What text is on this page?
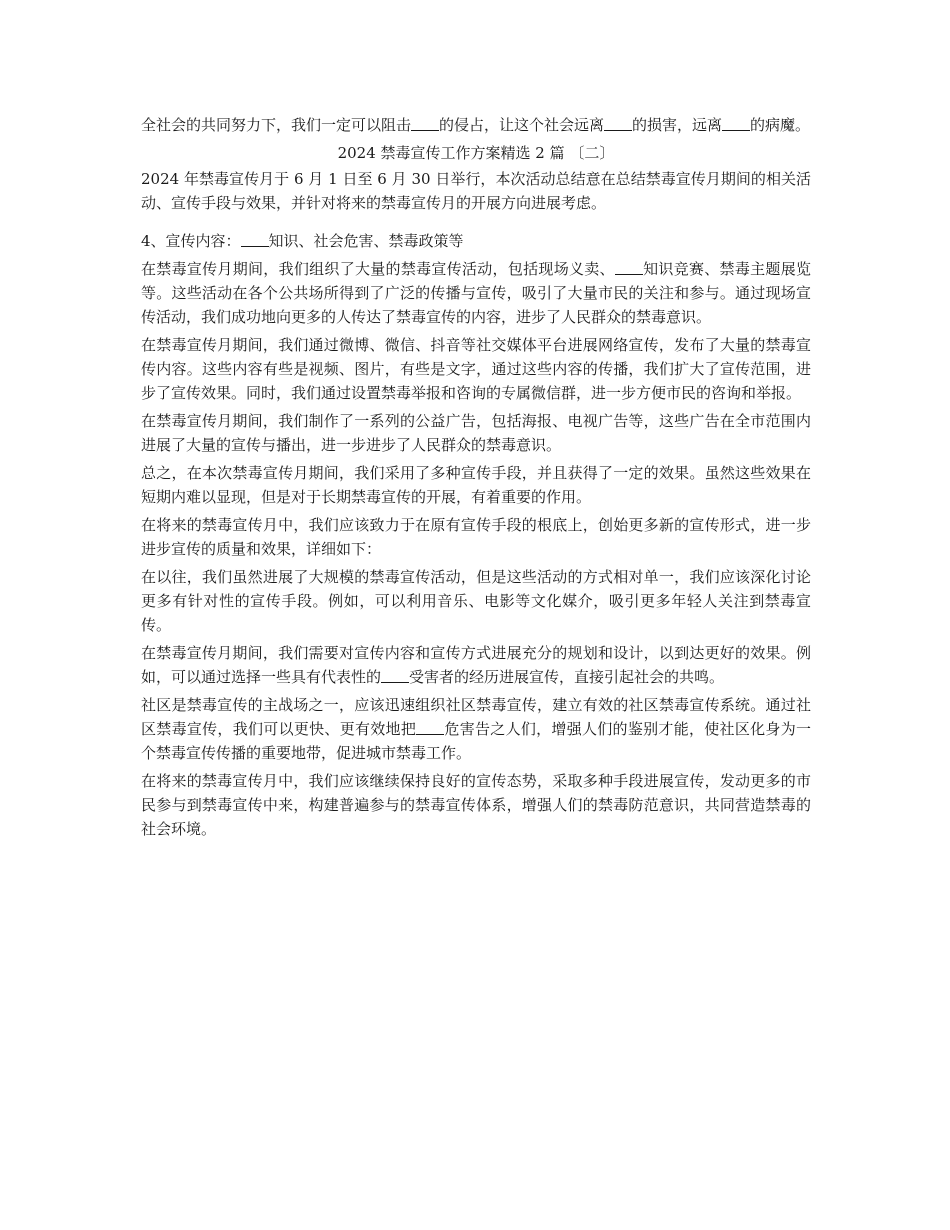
全社会的共同努力下，我们一定可以阻击 的侵占，让这个社会远离 的损害，远离 的病魔。

2024 禁毒宣传工作方案精选 2 篇 〔二〕

2024 年禁毒宣传月于 6 月 1 日至 6 月 30 日举行，本次活动总结意在总结禁毒宣传月期间的相关活动、宣传手段与效果，并针对将来的禁毒宣传月的开展方向进展考虑。

4、宣传内容： 知识、社会危害、禁毒政策等

在禁毒宣传月期间，我们组织了大量的禁毒宣传活动，包括现场义卖、 知识竞赛、禁毒主题展览等。这些活动在各个公共场所得到了广泛的传播与宣传，吸引了大量市民的关注和参与。通过现场宣传活动，我们成功地向更多的人传达了禁毒宣传的内容，进步了人民群众的禁毒意识。

在禁毒宣传月期间，我们通过微博、微信、抖音等社交媒体平台进展网络宣传，发布了大量的禁毒宣传内容。这些内容有些是视频、图片，有些是文字，通过这些内容的传播，我们扩大了宣传范围，进步了宣传效果。同时，我们通过设置禁毒举报和咨询的专属微信群，进一步方便市民的咨询和举报。

在禁毒宣传月期间，我们制作了一系列的公益广告，包括海报、电视广告等，这些广告在全市范围内进展了大量的宣传与播出，进一步进步了人民群众的禁毒意识。

总之，在本次禁毒宣传月期间，我们采用了多种宣传手段，并且获得了一定的效果。虽然这些效果在短期内难以显现，但是对于长期禁毒宣传的开展，有着重要的作用。

在将来的禁毒宣传月中，我们应该致力于在原有宣传手段的根底上，创始更多新的宣传形式，进一步进步宣传的质量和效果，详细如下：

在以往，我们虽然进展了大规模的禁毒宣传活动，但是这些活动的方式相对单一，我们应该深化讨论更多有针对性的宣传手段。例如，可以利用音乐、电影等文化媒介，吸引更多年轻人关注到禁毒宣传。

在禁毒宣传月期间，我们需要对宣传内容和宣传方式进展充分的规划和设计，以到达更好的效果。例如，可以通过选择一些具有代表性的 受害者的经历进展宣传，直接引起社会的共鸣。

社区是禁毒宣传的主战场之一，应该迅速组织社区禁毒宣传，建立有效的社区禁毒宣传系统。通过社区禁毒宣传，我们可以更快、更有效地把 危害告之人们，增强人们的鉴别才能，使社区化身为一个禁毒宣传传播的重要地带，促进城市禁毒工作。

在将来的禁毒宣传月中，我们应该继续保持良好的宣传态势，采取多种手段进展宣传，发动更多的市民参与到禁毒宣传中来，构建普遍参与的禁毒宣传体系，增强人们的禁毒防范意识，共同营造禁毒的社会环境。
